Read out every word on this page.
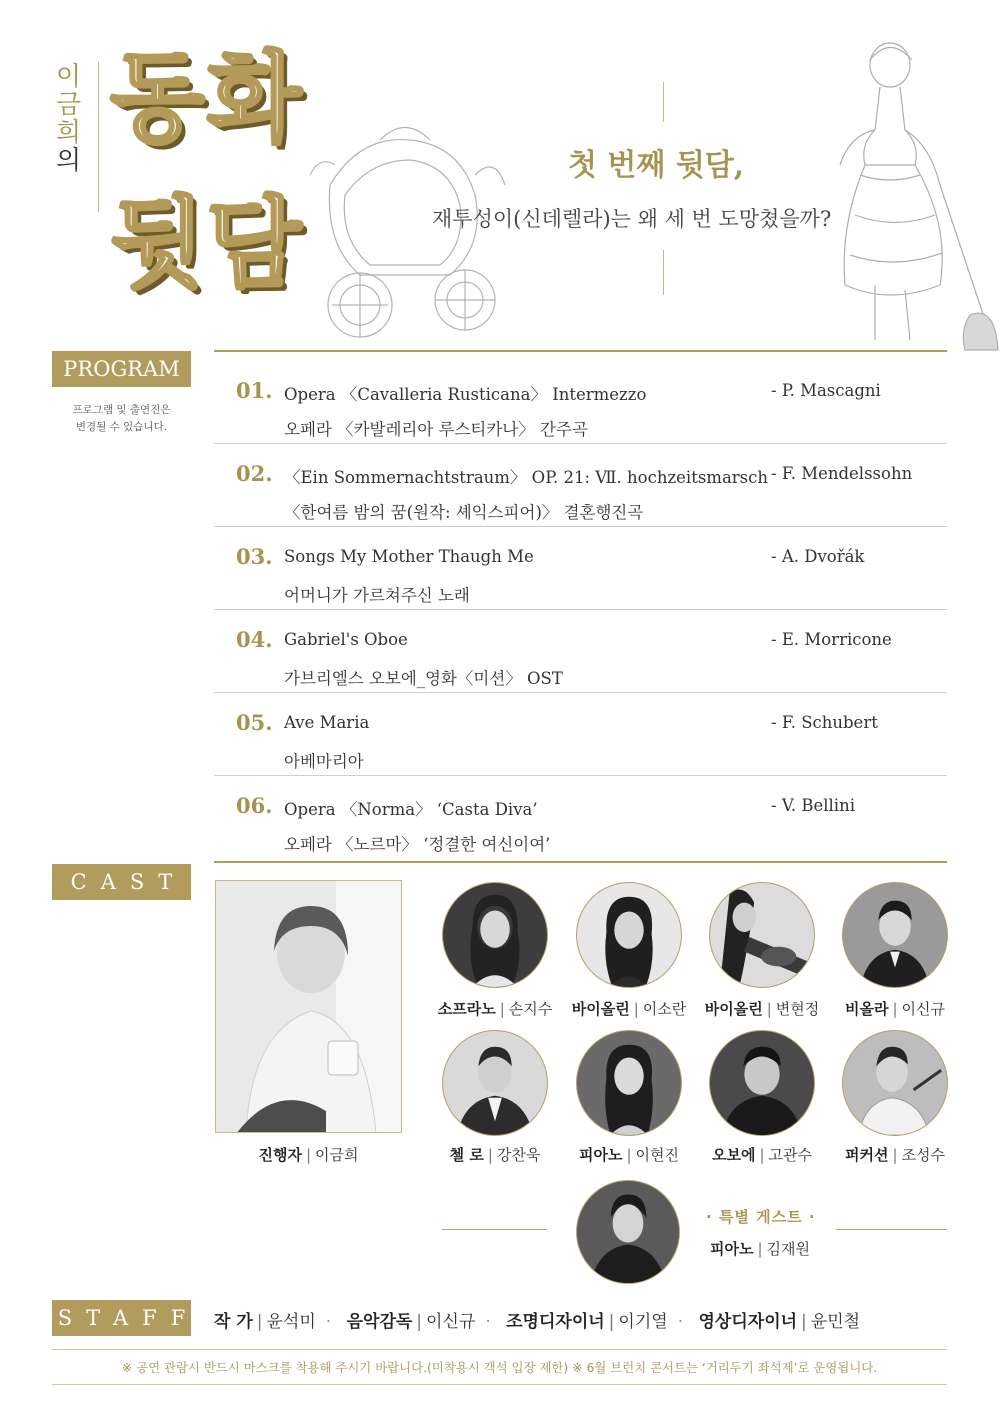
이금희의
동화
뒷담
첫 번째 뒷담,
재투성이(신데렐라)는 왜 세 번 도망쳤을까?
PROGRAM
프로그램 및 출연진은
변경될 수 있습니다.
01. Opera 〈Cavalleria Rusticana〉 Intermezzo
오페라 〈카발레리아 루스티카나〉 간주곡
- P. Mascagni
02. 〈Ein Sommernachtstraum〉 OP. 21: Ⅶ. hochzeitsmarsch
〈한여름 밤의 꿈(원작: 셰익스피어)〉 결혼행진곡
- F. Mendelssohn
03. Songs My Mother Thaugh Me
어머니가 가르쳐주신 노래
- A. Dvořák
04. Gabriel's Oboe
가브리엘스 오보에_영화〈미션〉 OST
- E. Morricone
05. Ave Maria
아베마리아
- F. Schubert
06. Opera 〈Norma〉 ‘Casta Diva’
오페라 〈노르마〉 ‘정결한 여신이여’
- V. Bellini
CAST
진행자 | 이금희
소프라노 | 손지수	바이올린 | 이소란	바이올린 | 변현정	비올라 | 이신규
첼 로 | 강찬욱	피아노 | 이현진	오보에 | 고관수	퍼커션 | 조성수
· 특별 게스트 ·
피아노 | 김재원
STAFF 작 가 | 윤석미 · 음악감독 | 이신규 · 조명디자이너 | 이기열 · 영상디자이너 | 윤민철
※ 공연 관람시 반드시 마스크를 착용해 주시기 바랍니다.(미착용시 객석 입장 제한) ※ 6월 브런치 콘서트는 ‘거리두기 좌석제’로 운영됩니다.
